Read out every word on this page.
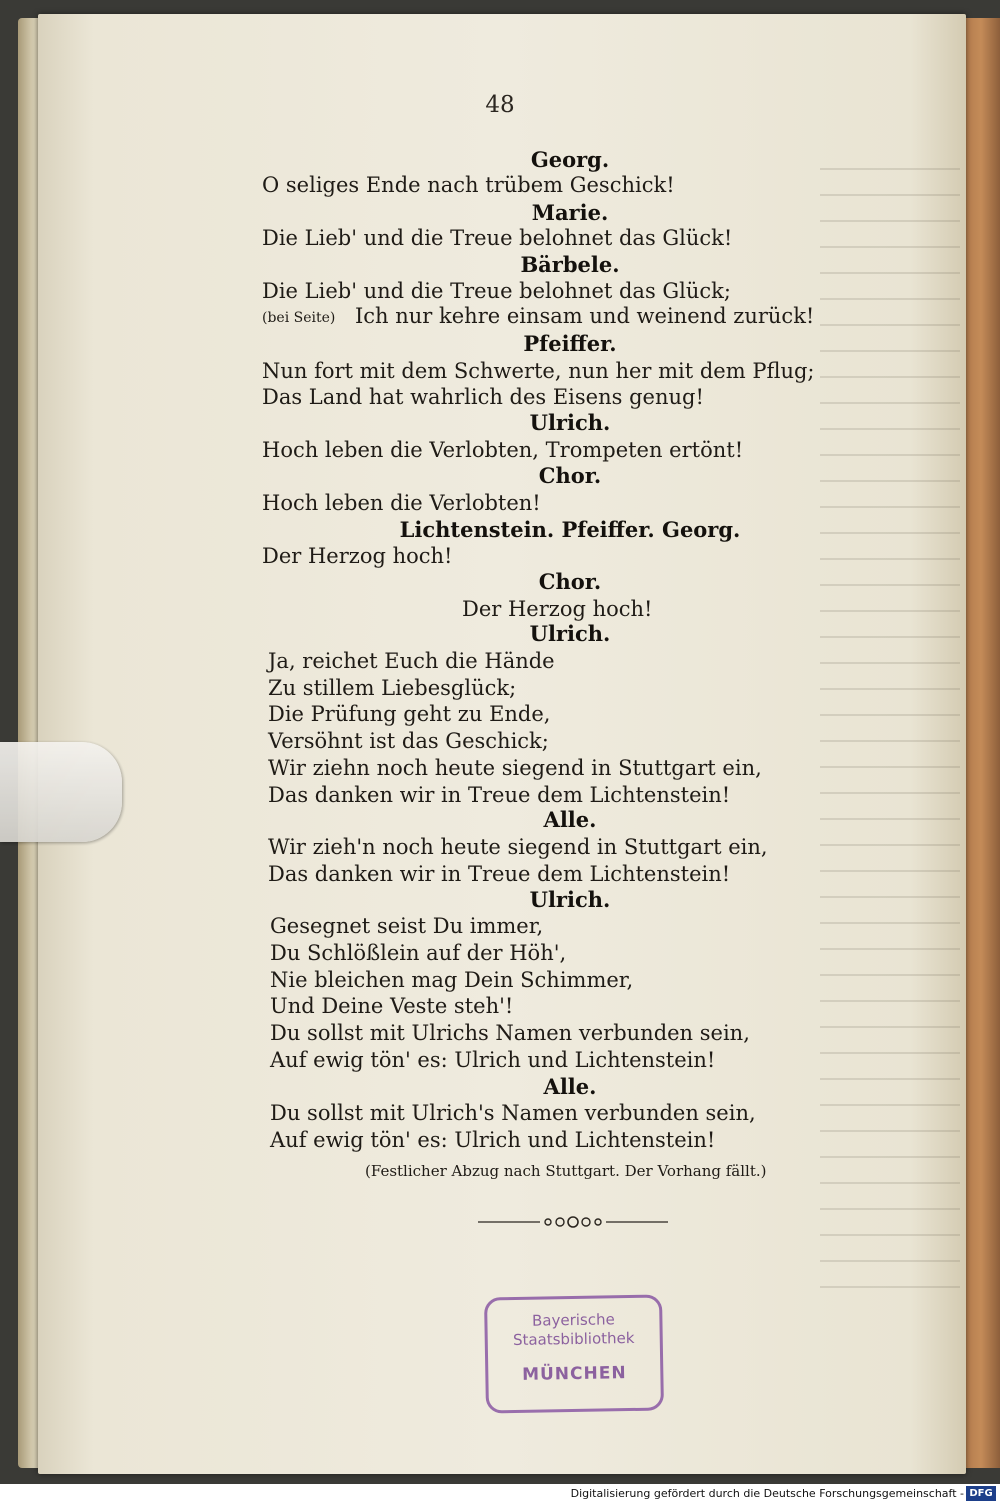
48
Georg.
O seliges Ende nach trübem Geschick!
Marie.
Die Lieb' und die Treue belohnet das Glück!
Bärbele.
Die Lieb' und die Treue belohnet das Glück;
(bei Seite) Ich nur kehre einsam und weinend zurück!
Pfeiffer.
Nun fort mit dem Schwerte, nun her mit dem Pflug;
Das Land hat wahrlich des Eisens genug!
Ulrich.
Hoch leben die Verlobten, Trompeten ertönt!
Chor.
Hoch leben die Verlobten!
Lichtenstein. Pfeiffer. Georg.
Der Herzog hoch!
Chor.
Der Herzog hoch!
Ulrich.
Ja, reichet Euch die Hände
Zu stillem Liebesglück;
Die Prüfung geht zu Ende,
Versöhnt ist das Geschick;
Wir ziehn noch heute siegend in Stuttgart ein,
Das danken wir in Treue dem Lichtenstein!
Alle.
Wir zieh'n noch heute siegend in Stuttgart ein,
Das danken wir in Treue dem Lichtenstein!
Ulrich.
Gesegnet seist Du immer,
Du Schlößlein auf der Höh',
Nie bleichen mag Dein Schimmer,
Und Deine Veste steh'!
Du sollst mit Ulrichs Namen verbunden sein,
Auf ewig tön' es: Ulrich und Lichtenstein!
Alle.
Du sollst mit Ulrich's Namen verbunden sein,
Auf ewig tön' es: Ulrich und Lichtenstein!
(Festlicher Abzug nach Stuttgart. Der Vorhang fällt.)
Bayerische
Staatsbibliothek
MÜNCHEN
Digitalisierung gefördert durch die Deutsche Forschungsgemeinschaft - DFG
